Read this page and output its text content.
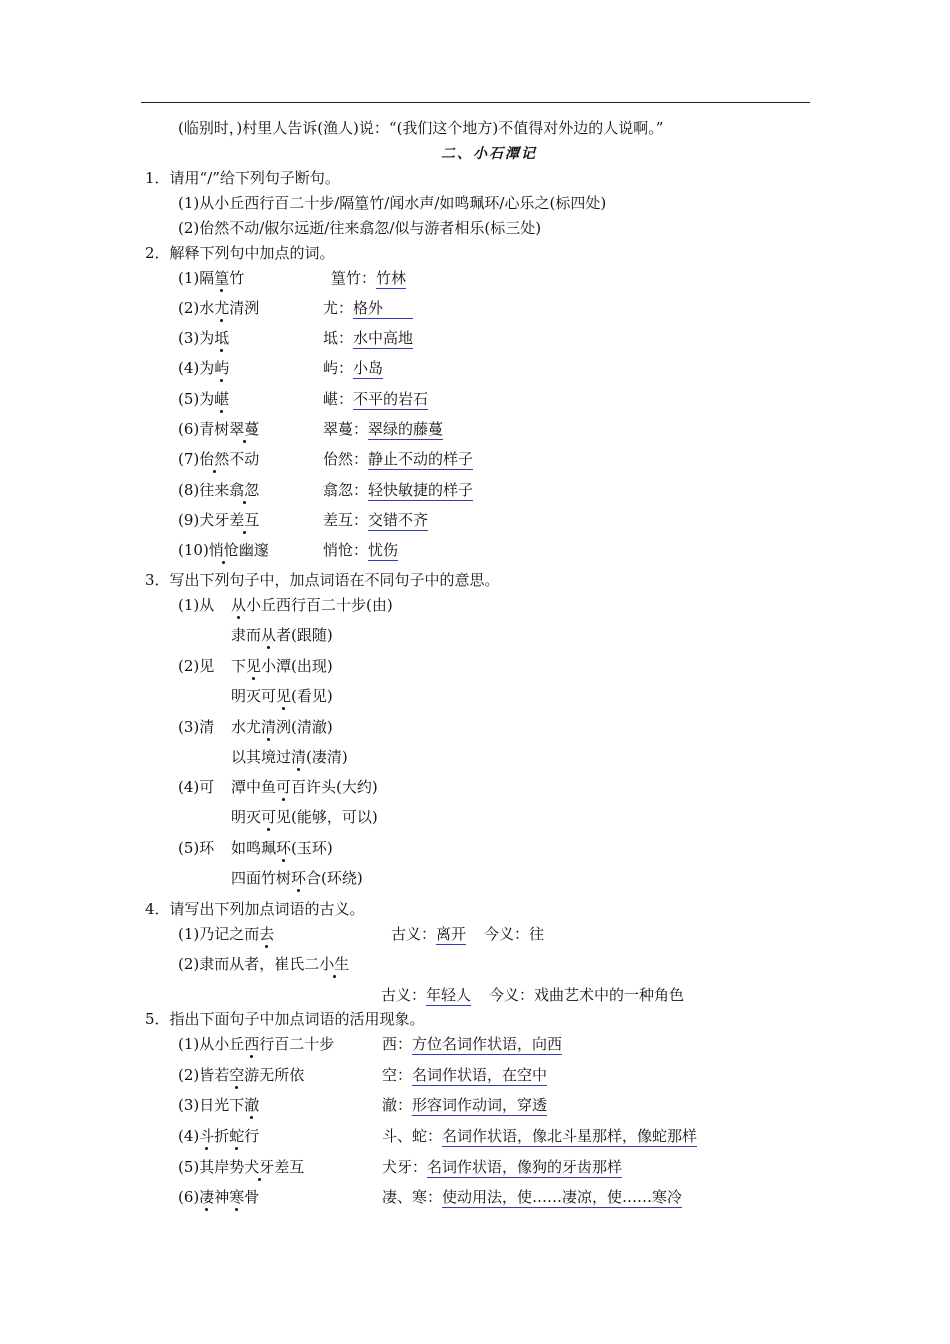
(临别时，)村里人告诉(渔人)说：“(我们这个地方)不值得对外边的人说啊。”
二、小石潭记
1．请用“/”给下列句子断句。
(1)从小丘西行百二十步/隔篁竹/闻水声/如鸣珮环/心乐之(标四处)
(2)佁然不动/俶尔远逝/往来翕忽/似与游者相乐(标三处)
2．解释下列句中加点的词。
(1)隔篁竹	篁竹：竹林
(2)水尤清洌	尤：格外
(3)为坻	坻：水中高地
(4)为屿	屿：小岛
(5)为嵁	嵁：不平的岩石
(6)青树翠蔓	翠蔓：翠绿的藤蔓
(7)佁然不动	佁然：静止不动的样子
(8)往来翕忽	翕忽：轻快敏捷的样子
(9)犬牙差互	差互：交错不齐
(10)悄怆幽邃	悄怆：忧伤
3．写出下列句子中，加点词语在不同句子中的意思。
(1)从 从小丘西行百二十步(由)
隶而从者(跟随)
(2)见 下见小潭(出现)
明灭可见(看见)
(3)清 水尤清洌(清澈)
以其境过清(凄清)
(4)可 潭中鱼可百许头(大约)
明灭可见(能够，可以)
(5)环 如鸣珮环(玉环)
四面竹树环合(环绕)
4．请写出下列加点词语的古义。
(1)乃记之而去	古义：离开 今义：往
(2)隶而从者，崔氏二小生
古义：年轻人 今义：戏曲艺术中的一种角色
5．指出下面句子中加点词语的活用现象。
(1)从小丘西行百二十步	西：方位名词作状语，向西
(2)皆若空游无所依	空：名词作状语，在空中
(3)日光下澈	澈：形容词作动词，穿透
(4)斗折蛇行	斗、蛇：名词作状语，像北斗星那样，像蛇那样
(5)其岸势犬牙差互	犬牙：名词作状语，像狗的牙齿那样
(6)凄神寒骨	凄、寒：使动用法，使……凄凉，使……寒冷
